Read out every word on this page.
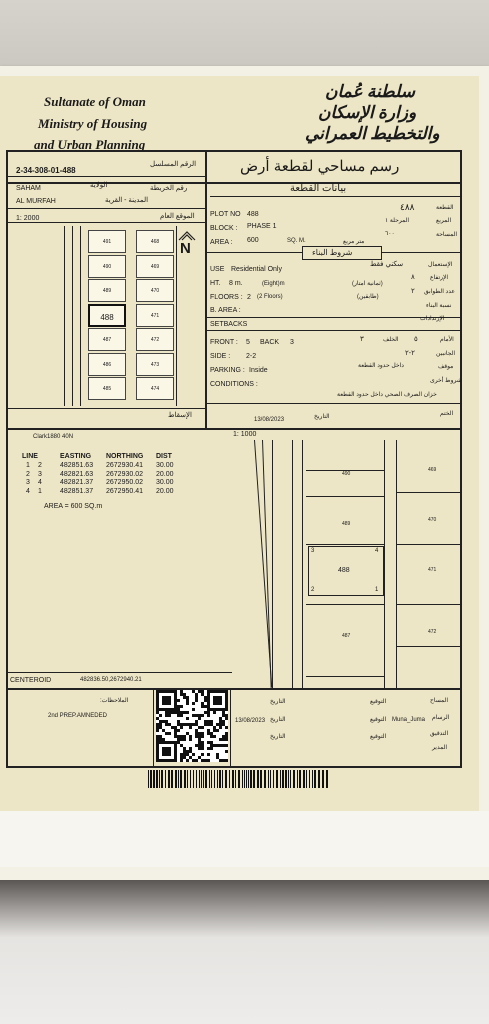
Sultanate of Oman
Ministry of Housing
and Urban Planning
سلطنة عُمان
وزارة الإسكان
والتخطيط العمراني
رسم مساحي لقطعة أرض
بيانات القطعة
2-34-308-01-488
الرقم المسلسل
SAHAM	الولاية	رقم الخريطة
AL MURFAH	المدينة - القرية
1: 2000	الموقع العام
491	468
490	469
489	470
488	471
487	472
486	473
485	474
N
الإسقاط
PLOT NO 488
٤٨٨	القطعة
BLOCK : PHASE 1
المرحلة ١	المربع
AREA : 600	SQ. M.
٦٠٠
متر مربع
المساحة
شروط البناء
USE Residential Only
سكني فقط	الإستعمال
HT. 8 m.	(Eight)m
٨
(ثمانية امتار)
الإرتفاع
FLOORS : 2 (2 Floors)
٢
(طابقين)
عدد الطوابق
B. AREA :
نسبة البناء
SETBACKS
الإرتدادات
FRONT : 5 BACK 3	٥	الأمام
٣	الخلف
SIDE : 2-2	٢-٢	الجانبين
PARKING : Inside
داخل حدود القطعة	موقف
CONDITIONS :	شروط أخرى
خزان الصرف الصحي داخل حدود القطعة
13/08/2023	التاريخ	الختم
1: 1000
Clark1880 40N
LINE	EASTING NORTHING DIST
1 2	482851.63 2672930.41 30.00
2 3	482821.63 2672930.02 20.00
3 4	482821.37 2672950.02 30.00
4 1	482851.37 2672950.41 20.00
AREA = 600 SQ.m
490
469
489
470
488	471
487
472
3	4
2	1
CENTEROID	482836.50,2672940.21
الملاحظات:
2nd PREP.AMNEDED
التاريخ
التاريخ
13/08/2023
التاريخ
التوقيع
التوقيع
التوقيع
المساح
الرسام
Muna_Juma
التدقيق
المدير
